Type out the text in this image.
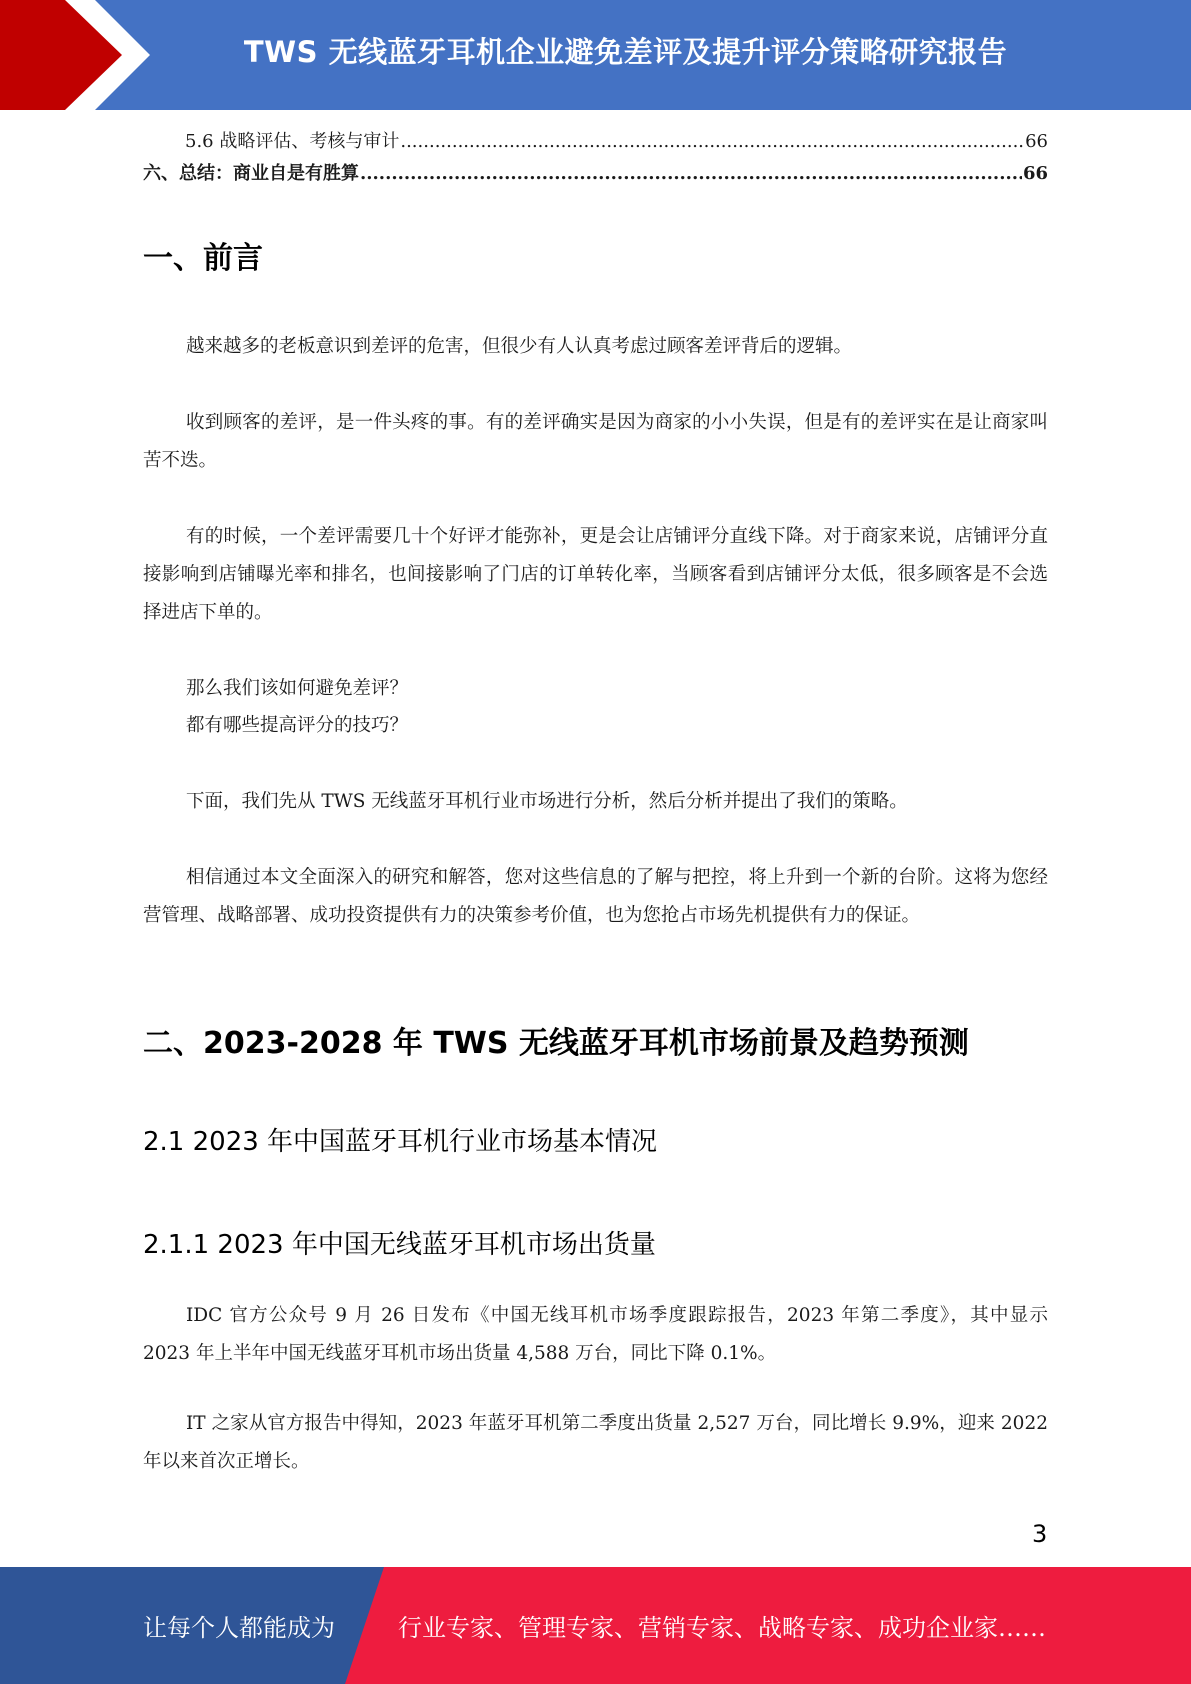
TWS 无线蓝牙耳机企业避免差评及提升评分策略研究报告
5.6 战略评估、考核与审计 .....	66
六、总结：商业自是有胜算 .....	66
一、前言

越来越多的老板意识到差评的危害，但很少有人认真考虑过顾客差评背后的逻辑。

收到顾客的差评，是一件头疼的事。有的差评确实是因为商家的小小失误，但是有的差评实在是让商家叫苦不迭。

有的时候，一个差评需要几十个好评才能弥补，更是会让店铺评分直线下降。对于商家来说，店铺评分直接影响到店铺曝光率和排名，也间接影响了门店的订单转化率，当顾客看到店铺评分太低，很多顾客是不会选择进店下单的。

那么我们该如何避免差评？

都有哪些提高评分的技巧？

下面，我们先从 TWS 无线蓝牙耳机行业市场进行分析，然后分析并提出了我们的策略。

相信通过本文全面深入的研究和解答，您对这些信息的了解与把控，将上升到一个新的台阶。这将为您经营管理、战略部署、成功投资提供有力的决策参考价值，也为您抢占市场先机提供有力的保证。

二、2023-2028 年 TWS 无线蓝牙耳机市场前景及趋势预测
2.1 2023 年中国蓝牙耳机行业市场基本情况
2.1.1 2023 年中国无线蓝牙耳机市场出货量

IDC 官方公众号 9 月 26 日发布《中国无线耳机市场季度跟踪报告，2023 年第二季度》，其中显示 2023 年上半年中国无线蓝牙耳机市场出货量 4,588 万台，同比下降 0.1%。

IT 之家从官方报告中得知，2023 年蓝牙耳机第二季度出货量 2,527 万台，同比增长 9.9%，迎来 2022 年以来首次正增长。

3
让每个人都能成为	行业专家、管理专家、营销专家、战略专家、成功企业家……
